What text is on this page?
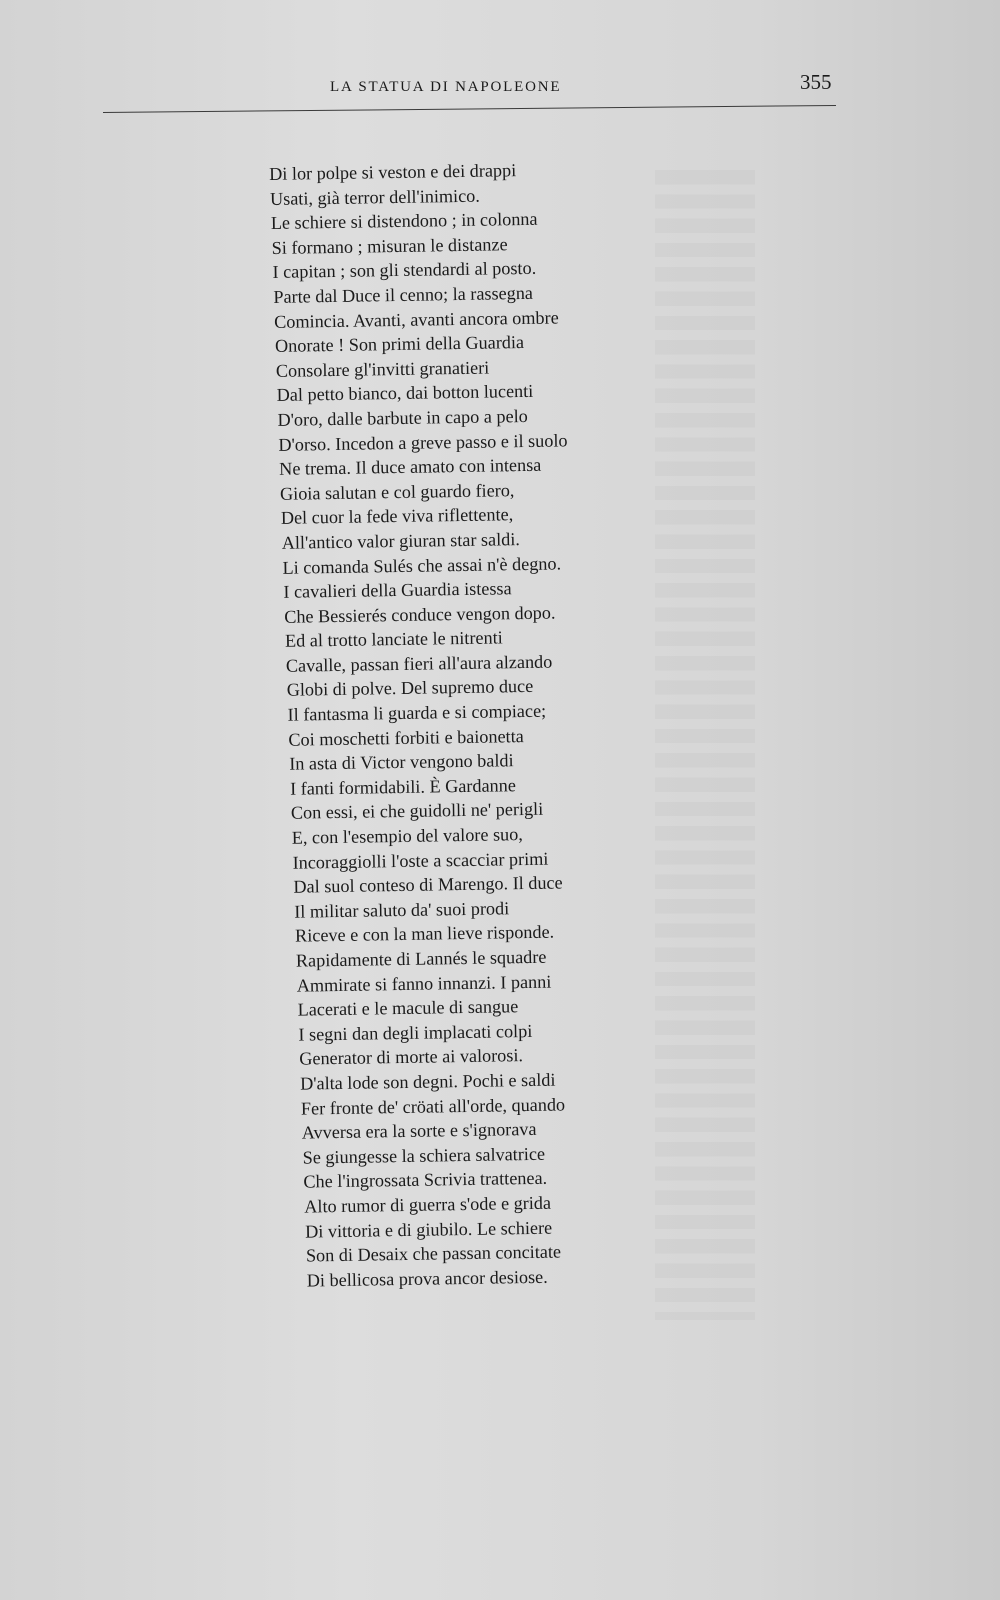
LA STATUA DI NAPOLEONE	355
Di lor polpe si veston e dei drappi
Usati, già terror dell'inimico.
Le schiere si distendono ; in colonna
Si formano ; misuran le distanze
I capitan ; son gli stendardi al posto.
Parte dal Duce il cenno; la rassegna
Comincia. Avanti, avanti ancora ombre
Onorate ! Son primi della Guardia
Consolare gl'invitti granatieri
Dal petto bianco, dai botton lucenti
D'oro, dalle barbute in capo a pelo
D'orso. Incedon a greve passo e il suolo
Ne trema. Il duce amato con intensa
Gioia salutan e col guardo fiero,
Del cuor la fede viva riflettente,
All'antico valor giuran star saldi.
Li comanda Sulés che assai n'è degno.
I cavalieri della Guardia istessa
Che Bessierés conduce vengon dopo.
Ed al trotto lanciate le nitrenti
Cavalle, passan fieri all'aura alzando
Globi di polve. Del supremo duce
Il fantasma li guarda e si compiace;
Coi moschetti forbiti e baionetta
In asta di Victor vengono baldi
I fanti formidabili. È Gardanne
Con essi, ei che guidolli ne' perigli
E, con l'esempio del valore suo,
Incoraggiolli l'oste a scacciar primi
Dal suol conteso di Marengo. Il duce
Il militar saluto da' suoi prodi
Riceve e con la man lieve risponde.
Rapidamente di Lannés le squadre
Ammirate si fanno innanzi. I panni
Lacerati e le macule di sangue
I segni dan degli implacati colpi
Generator di morte ai valorosi.
D'alta lode son degni. Pochi e saldi
Fer fronte de' cröati all'orde, quando
Avversa era la sorte e s'ignorava
Se giungesse la schiera salvatrice
Che l'ingrossata Scrivia trattenea.
Alto rumor di guerra s'ode e grida
Di vittoria e di giubilo. Le schiere
Son di Desaix che passan concitate
Di bellicosa prova ancor desiose.
